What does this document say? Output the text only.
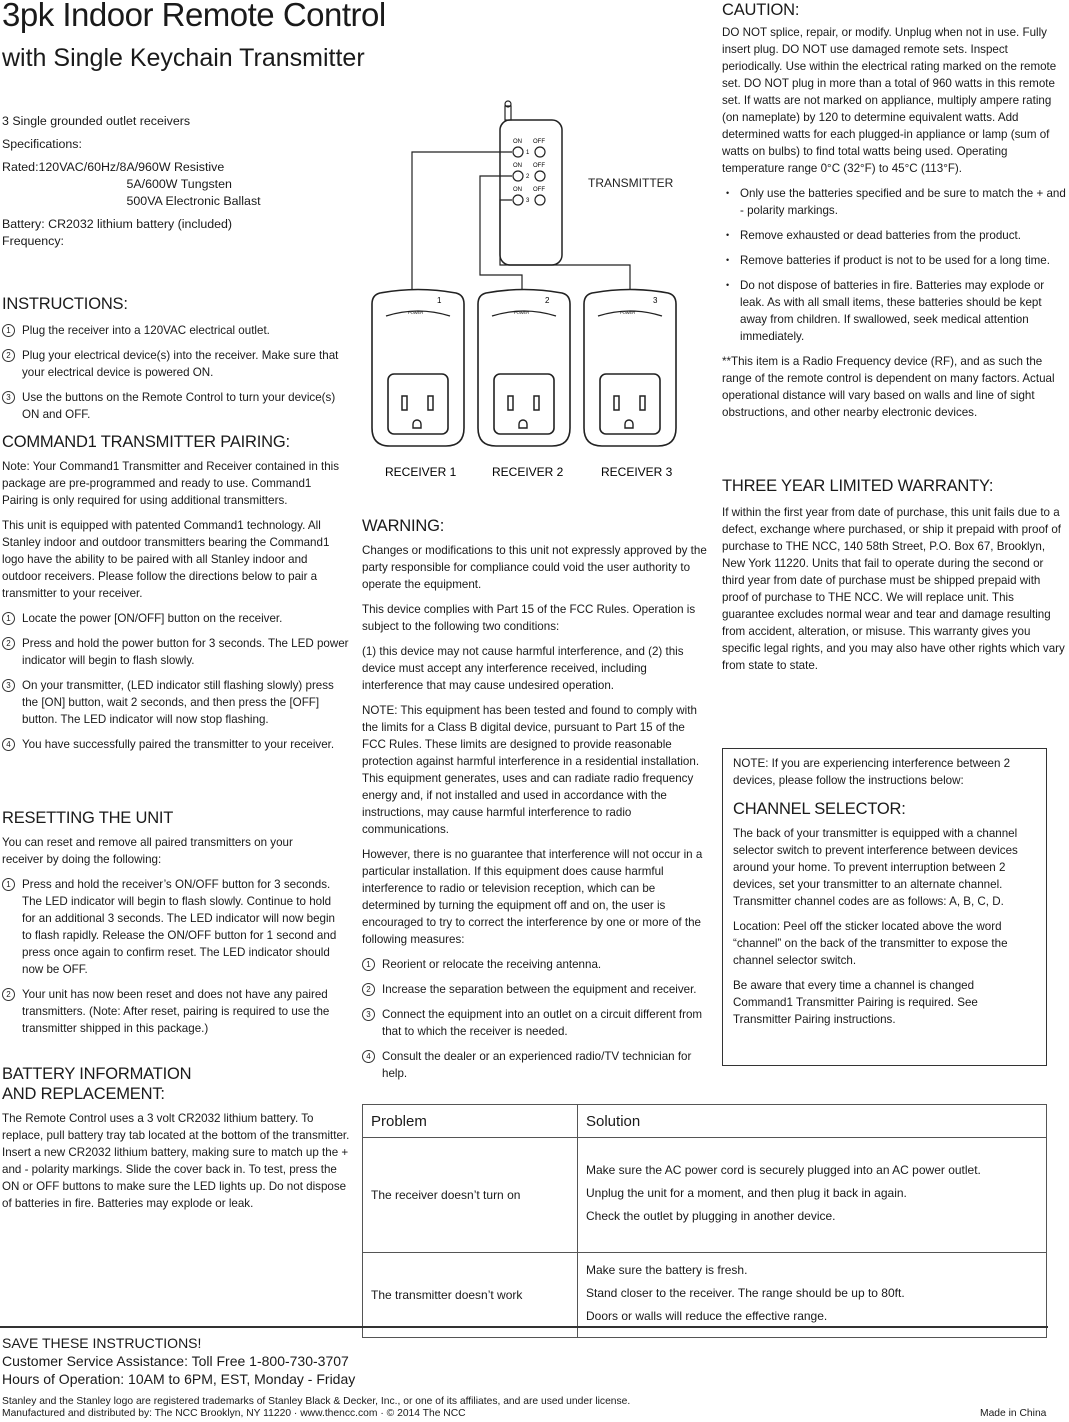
3pk Indoor Remote Control
with Single Keychain Transmitter
3 Single grounded outlet receivers
Specifications:
Rated: 120VAC/60Hz/8A/960W Resistive
5A/600W Tungsten
500VA Electronic Ballast
Battery: CR2032 lithium battery (included)
Frequency:
INSTRUCTIONS:
1 Plug the receiver into a 120VAC electrical outlet.
2 Plug your electrical device(s) into the receiver. Make sure that your electrical device is powered ON.
3 Use the buttons on the Remote Control to turn your device(s) ON and OFF.
COMMAND1 TRANSMITTER PAIRING:

Note: Your Command1 Transmitter and Receiver contained in this package are pre-programmed and ready to use. Command1 Pairing is only required for using additional transmitters.

This unit is equipped with patented Command1 technology. All Stanley indoor and outdoor transmitters bearing the Command1 logo have the ability to be paired with all Stanley indoor and outdoor receivers. Please follow the directions below to pair a transmitter to your receiver.

1 Locate the power [ON/OFF] button on the receiver.
2 Press and hold the power button for 3 seconds. The LED power indicator will begin to flash slowly.
3 On your transmitter, (LED indicator still flashing slowly) press the [ON] button, wait 2 seconds, and then press the [OFF] button. The LED indicator will now stop flashing.
4 You have successfully paired the transmitter to your receiver.
RESETTING THE UNIT

You can reset and remove all paired transmitters on your receiver by doing the following:

1 Press and hold the receiver’s ON/OFF button for 3 seconds. The LED indicator will begin to flash slowly. Continue to hold for an additional 3 seconds. The LED indicator will now begin to flash rapidly. Release the ON/OFF button for 1 second and press once again to confirm reset. The LED indicator should now be OFF.
2 Your unit has now been reset and does not have any paired transmitters. (Note: After reset, pairing is required to use the transmitter shipped in this package.)
BATTERY INFORMATION
AND REPLACEMENT:

The Remote Control uses a 3 volt CR2032 lithium battery. To replace, pull battery tray tab located at the bottom of the transmitter. Insert a new CR2032 lithium battery, making sure to match up the + and - polarity markings. Slide the cover back in. To test, press the ON or OFF buttons to make sure the LED lights up. Do not dispose of batteries in fire. Batteries may explode or leak.

ON OFF
ON OFF
ON OFF
1
2
3
TRANSMITTER
POWER
1
POWER
2
POWER
3
RECEIVER 1	RECEIVER 2	RECEIVER 3
WARNING:

Changes or modifications to this unit not expressly approved by the party responsible for compliance could void the user authority to operate the equipment.

This device complies with Part 15 of the FCC Rules. Operation is subject to the following two conditions:

(1) this device may not cause harmful interference, and (2) this device must accept any interference received, including interference that may cause undesired operation.

NOTE: This equipment has been tested and found to comply with the limits for a Class B digital device, pursuant to Part 15 of the FCC Rules. These limits are designed to provide reasonable protection against harmful interference in a residential installation. This equipment generates, uses and can radiate radio frequency energy and, if not installed and used in accordance with the instructions, may cause harmful interference to radio communications.

However, there is no guarantee that interference will not occur in a particular installation. If this equipment does cause harmful interference to radio or television reception, which can be determined by turning the equipment off and on, the user is encouraged to try to correct the interference by one or more of the following measures:

1 Reorient or relocate the receiving antenna.
2 Increase the separation between the equipment and receiver.
3 Connect the equipment into an outlet on a circuit different from that to which the receiver is needed.
4 Consult the dealer or an experienced radio/TV technician for help.
CAUTION:

DO NOT splice, repair, or modify. Unplug when not in use. Fully insert plug. DO NOT use damaged remote sets. Inspect periodically. Use within the electrical rating marked on the remote set. DO NOT plug in more than a total of 960 watts in this remote set. If watts are not marked on appliance, multiply ampere rating (on nameplate) by 120 to determine equivalent watts. Add determined watts for each plugged-in appliance or lamp (sum of watts on bulbs) to find total watts being used. Operating temperature range 0°C (32°F) to 45°C (113°F).

• Only use the batteries specified and be sure to match the + and - polarity markings.
• Remove exhausted or dead batteries from the product.
• Remove batteries if product is not to be used for a long time.
• Do not dispose of batteries in fire. Batteries may explode or leak. As with all small items, these batteries should be kept away from children. If swallowed, seek medical attention immediately.

**This item is a Radio Frequency device (RF), and as such the range of the remote control is dependent on many factors. Actual operational distance will vary based on walls and line of sight obstructions, and other nearby electronic devices.

THREE YEAR LIMITED WARRANTY:

If within the first year from date of purchase, this unit fails due to a defect, exchange where purchased, or ship it prepaid with proof of purchase to THE NCC, 140 58th Street, P.O. Box 67, Brooklyn, New York 11220. Units that fail to operate during the second or third year from date of purchase must be shipped prepaid with proof of purchase to THE NCC. We will replace unit. This guarantee excludes normal wear and tear and damage resulting from accident, alteration, or misuse. This warranty gives you specific legal rights, and you may also have other rights which vary from state to state.

NOTE: If you are experiencing interference between 2 devices, please follow the instructions below:

CHANNEL SELECTOR:

The back of your transmitter is equipped with a channel selector switch to prevent interference between devices around your home. To prevent interruption between 2 devices, set your transmitter to an alternate channel. Transmitter channel codes are as follows: A, B, C, D.

Location: Peel off the sticker located above the word “channel” on the back of the transmitter to expose the channel selector switch.

Be aware that every time a channel is changed Command1 Transmitter Pairing is required. See Transmitter Pairing instructions.

Problem	Solution
The receiver doesn’t turn on	Make sure the AC power cord is securely plugged into an AC power outlet.
Unplug the unit for a moment, and then plug it back in again.
Check the outlet by plugging in another device.

The transmitter doesn’t work	Make sure the battery is fresh.
Stand closer to the receiver. The range should be up to 80ft.
Doors or walls will reduce the effective range.
SAVE THESE INSTRUCTIONS!
Customer Service Assistance: Toll Free 1-800-730-3707
Hours of Operation: 10AM to 6PM, EST, Monday - Friday
Stanley and the Stanley logo are registered trademarks of Stanley Black & Decker, Inc., or one of its affiliates, and are used under license.
Manufactured and distributed by: The NCC Brooklyn, NY 11220 · www.thencc.com · © 2014 The NCC	Made in China
